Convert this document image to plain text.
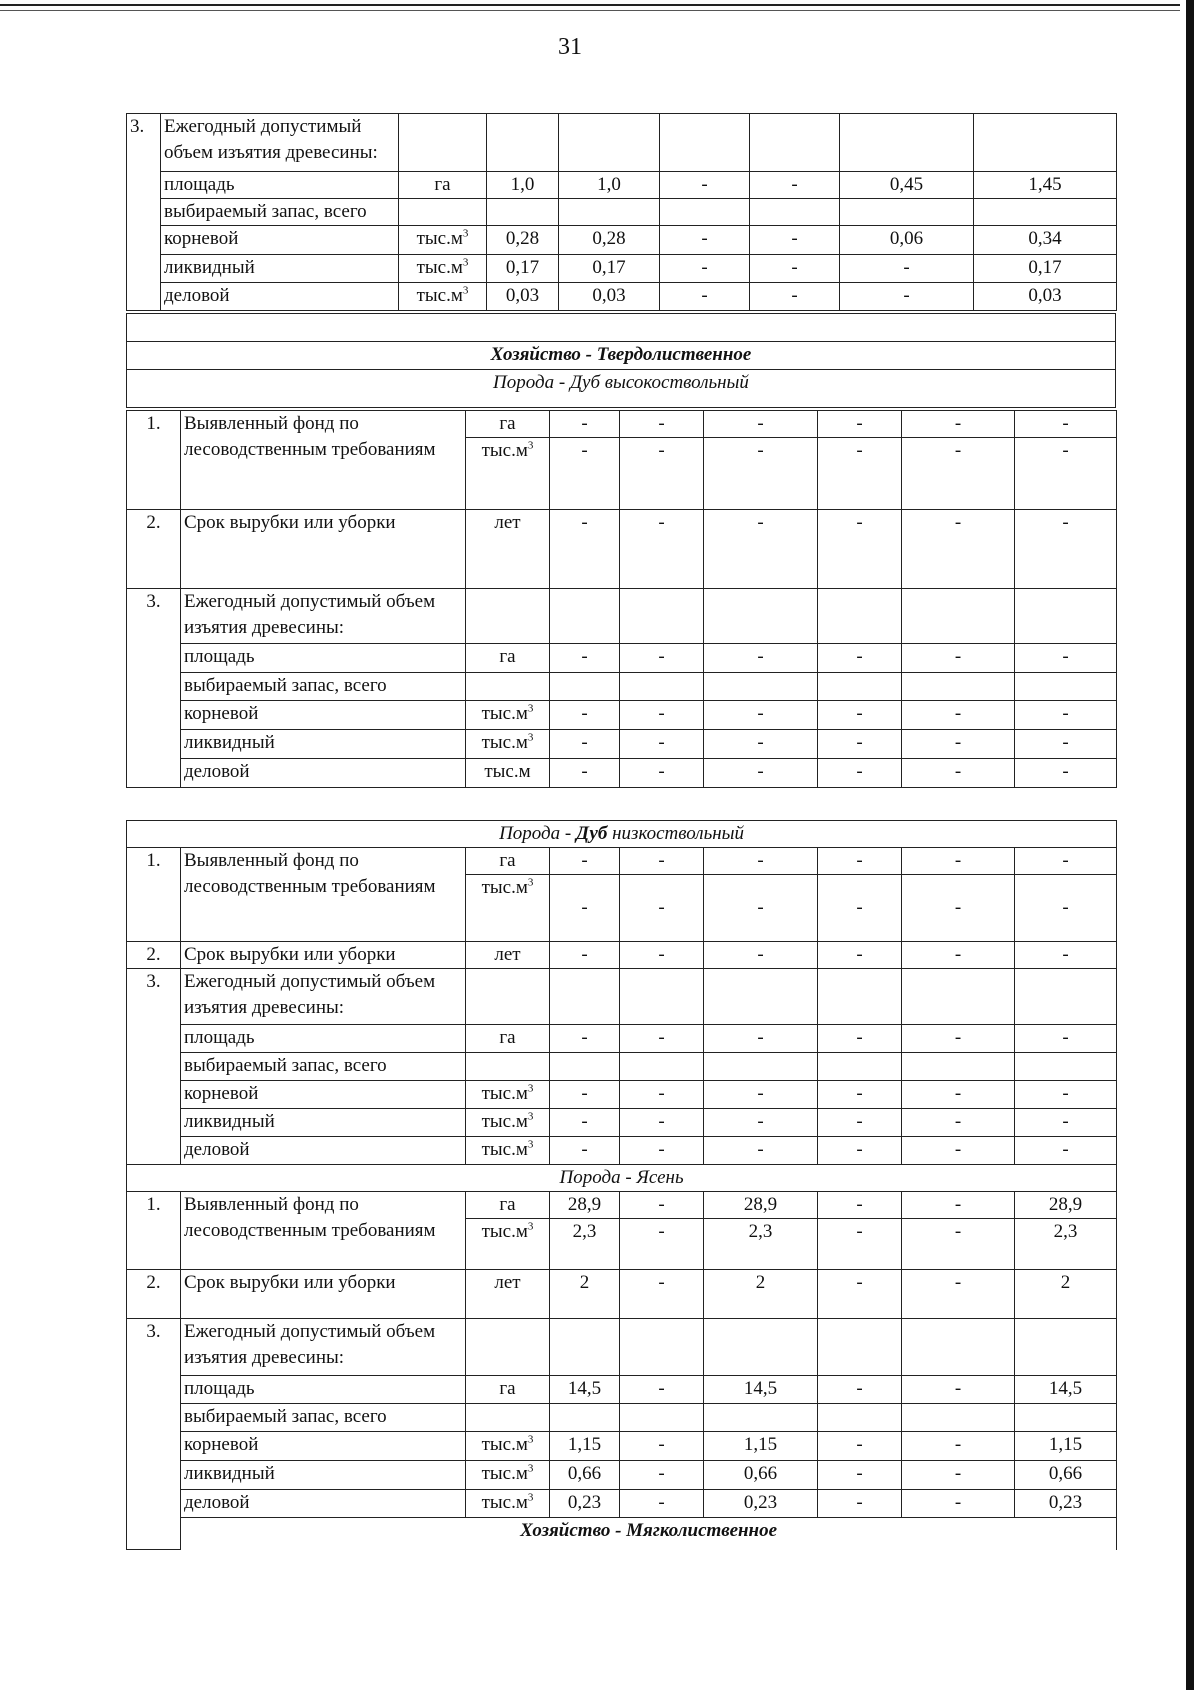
31
3.	Ежегодный допустимый объем изъятия древесины:							
	площадь	га	1,0	1,0	-	-	0,45	1,45
	выбираемый запас, всего							
	корневой	$тыс.м^3$	0,28	0,28	-	-	0,06	0,34
	ликвидный	$тыс.м^3$	0,17	0,17	-	-	-	0,17
	деловой	$тыс.м^3$	0,03	0,03	-	-	-	0,03

Хозяйство - Твердолиственное
Порода - Дуб высокоствольный
1.	Выявленный фонд по лесоводственным требованиям	га	-	-	-	-	-	-
		$тыс.м^3$	-	-	-	-	-	-
2.	Срок вырубки или уборки	лет	-	-	-	-	-	-
3.	Ежегодный допустимый объем изъятия древесины:							
	площадь	га	-	-	-	-	-	-
	выбираемый запас, всего							
	корневой	$тыс.м^3$	-	-	-	-	-	-
	ликвидный	$тыс.м^3$	-	-	-	-	-	-
	деловой	тыс.м	-	-	-	-	-	-
Порода - Дуб низкоствольный								
1.	Выявленный фонд по лесоводственным требованиям	га	-	-	-	-	-	-
		$тыс.м^3$	-	-	-	-	-	-
2.	Срок вырубки или уборки	лет	-	-	-	-	-	-
3.	Ежегодный допустимый объем изъятия древесины:							
	площадь	га	-	-	-	-	-	-
	выбираемый запас, всего							
	корневой	$тыс.м^3$	-	-	-	-	-	-
	ликвидный	$тыс.м^3$	-	-	-	-	-	-
	деловой	$тыс.м^3$	-	-	-	-	-	-
Порода - Ясень								
1.	Выявленный фонд по лесоводственным требованиям	га	28,9	-	28,9	-	-	28,9
		$тыс.м^3$	2,3	-	2,3	-	-	2,3
2.	Срок вырубки или уборки	лет	2	-	2	-	-	2
3.	Ежегодный допустимый объем изъятия древесины:							
	площадь	га	14,5	-	14,5	-	-	14,5
	выбираемый запас, всего							
	корневой	$тыс.м^3$	1,15	-	1,15	-	-	1,15
	ликвидный	$тыс.м^3$	0,66	-	0,66	-	-	0,66
	деловой	$тыс.м^3$	0,23	-	0,23	-	-	0,23
	Хозяйство - Мягколиственное							
